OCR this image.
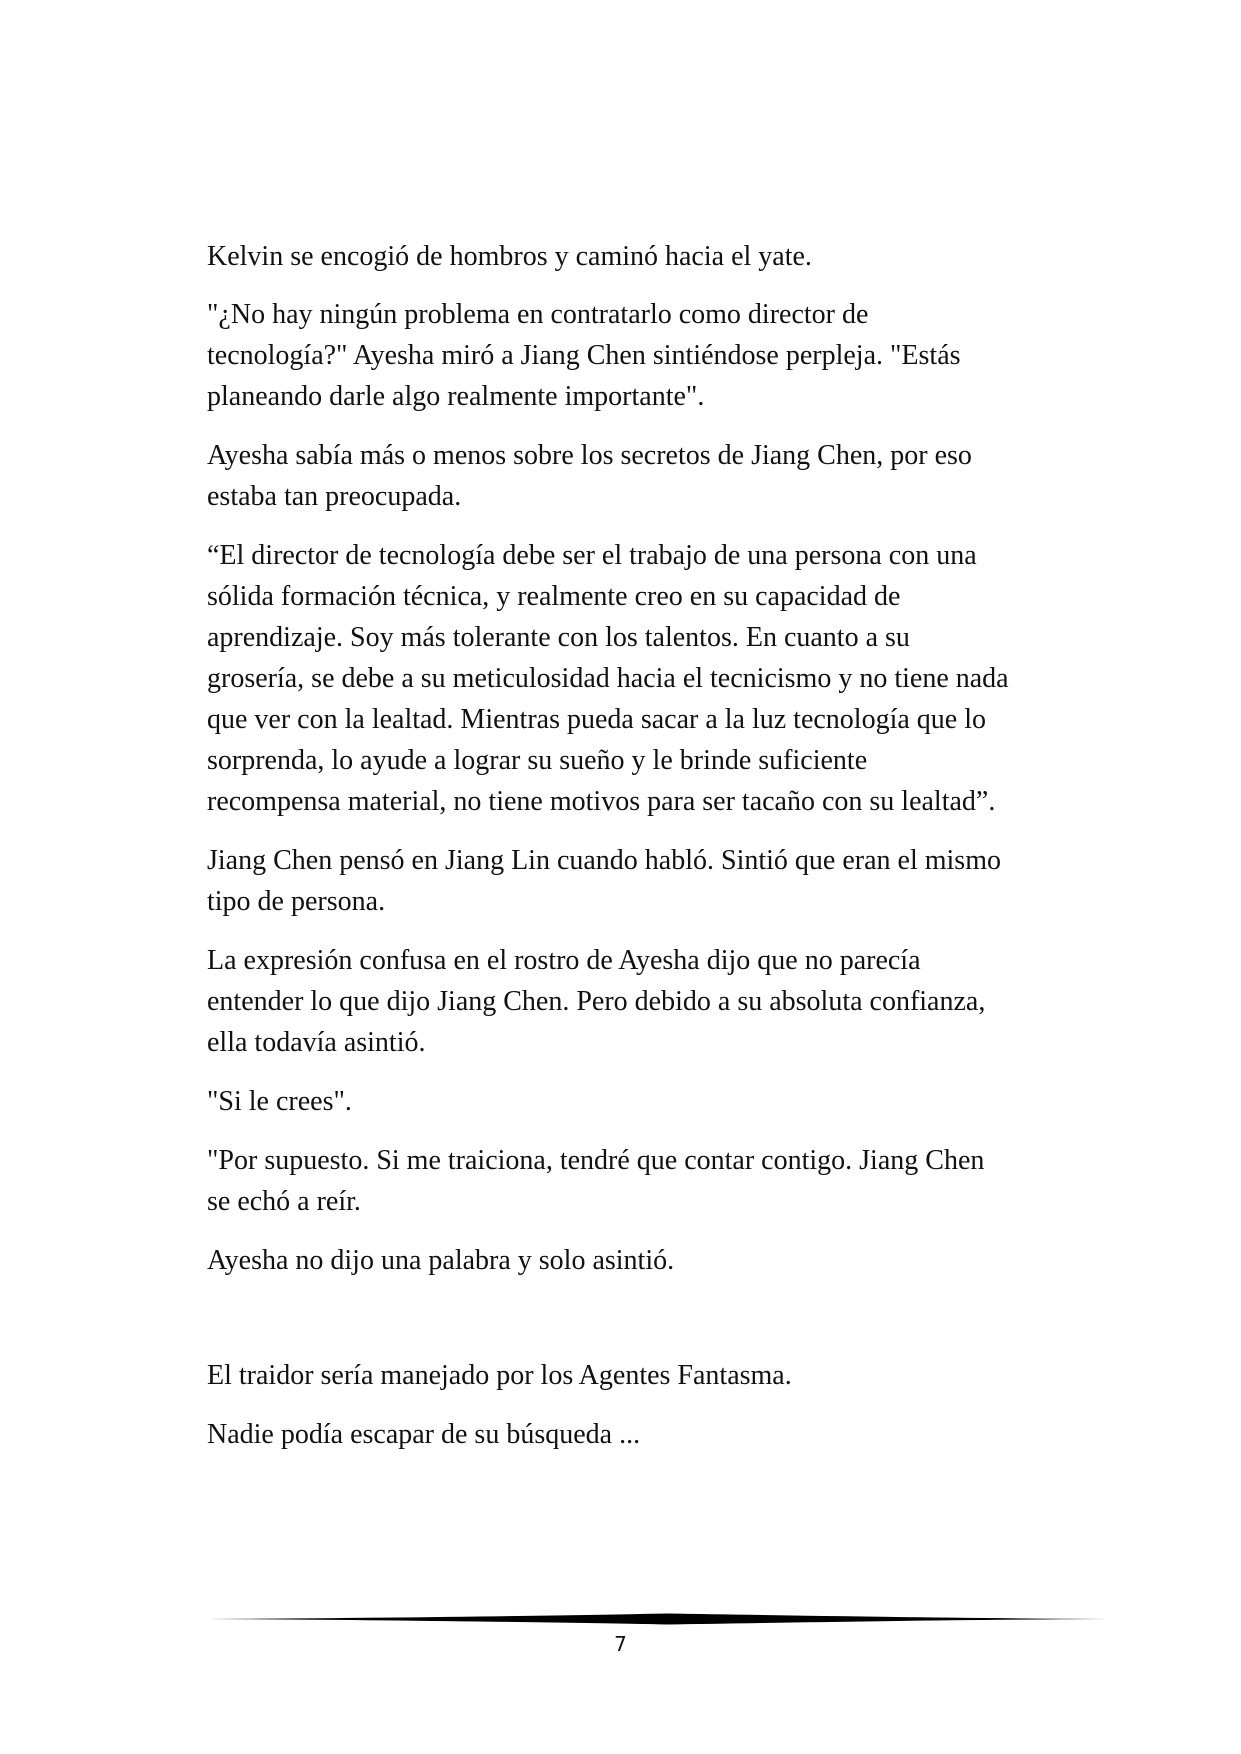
Kelvin se encogió de hombros y caminó hacia el yate.

"¿No hay ningún problema en contratarlo como director de
tecnología?" Ayesha miró a Jiang Chen sintiéndose perpleja. "Estás
planeando darle algo realmente importante".

Ayesha sabía más o menos sobre los secretos de Jiang Chen, por eso
estaba tan preocupada.

“El director de tecnología debe ser el trabajo de una persona con una
sólida formación técnica, y realmente creo en su capacidad de
aprendizaje. Soy más tolerante con los talentos. En cuanto a su
grosería, se debe a su meticulosidad hacia el tecnicismo y no tiene nada
que ver con la lealtad. Mientras pueda sacar a la luz tecnología que lo
sorprenda, lo ayude a lograr su sueño y le brinde suficiente
recompensa material, no tiene motivos para ser tacaño con su lealtad”.

Jiang Chen pensó en Jiang Lin cuando habló. Sintió que eran el mismo
tipo de persona.

La expresión confusa en el rostro de Ayesha dijo que no parecía
entender lo que dijo Jiang Chen. Pero debido a su absoluta confianza,
ella todavía asintió.

"Si le crees".

"Por supuesto. Si me traiciona, tendré que contar contigo. Jiang Chen
se echó a reír.

Ayesha no dijo una palabra y solo asintió.

El traidor sería manejado por los Agentes Fantasma.

Nadie podía escapar de su búsqueda ...

7
